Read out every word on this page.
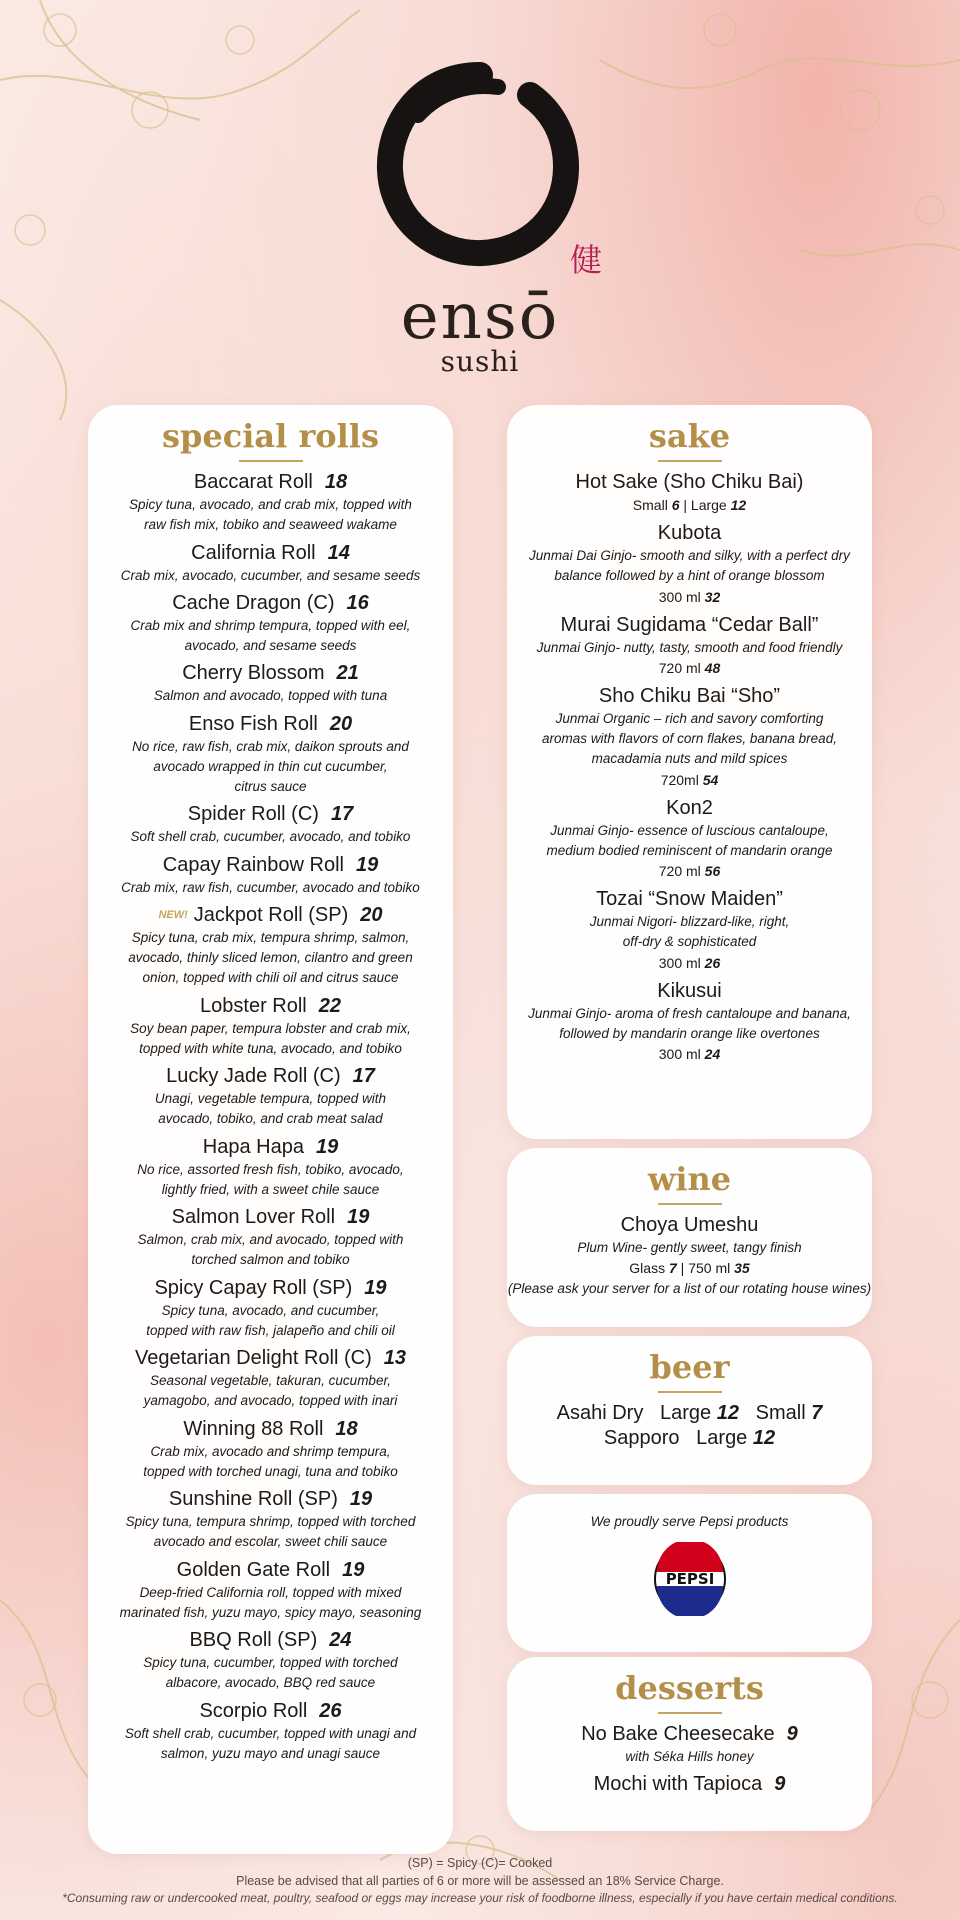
健
ensō
sushi
special rolls
Baccarat Roll 18
Spicy tuna, avocado, and crab mix, topped with
raw fish mix, tobiko and seaweed wakame
California Roll 14
Crab mix, avocado, cucumber, and sesame seeds
Cache Dragon (C) 16
Crab mix and shrimp tempura, topped with eel,
avocado, and sesame seeds
Cherry Blossom 21
Salmon and avocado, topped with tuna
Enso Fish Roll 20
No rice, raw fish, crab mix, daikon sprouts and
avocado wrapped in thin cut cucumber,
citrus sauce
Spider Roll (C) 17
Soft shell crab, cucumber, avocado, and tobiko
Capay Rainbow Roll 19
Crab mix, raw fish, cucumber, avocado and tobiko
NEW! Jackpot Roll (SP) 20
Spicy tuna, crab mix, tempura shrimp, salmon,
avocado, thinly sliced lemon, cilantro and green
onion, topped with chili oil and citrus sauce
Lobster Roll 22
Soy bean paper, tempura lobster and crab mix,
topped with white tuna, avocado, and tobiko
Lucky Jade Roll (C) 17
Unagi, vegetable tempura, topped with
avocado, tobiko, and crab meat salad
Hapa Hapa 19
No rice, assorted fresh fish, tobiko, avocado,
lightly fried, with a sweet chile sauce
Salmon Lover Roll 19
Salmon, crab mix, and avocado, topped with
torched salmon and tobiko
Spicy Capay Roll (SP) 19
Spicy tuna, avocado, and cucumber,
topped with raw fish, jalapeño and chili oil
Vegetarian Delight Roll (C) 13
Seasonal vegetable, takuran, cucumber,
yamagobo, and avocado, topped with inari
Winning 88 Roll 18
Crab mix, avocado and shrimp tempura,
topped with torched unagi, tuna and tobiko
Sunshine Roll (SP) 19
Spicy tuna, tempura shrimp, topped with torched
avocado and escolar, sweet chili sauce
Golden Gate Roll 19
Deep-fried California roll, topped with mixed
marinated fish, yuzu mayo, spicy mayo, seasoning
BBQ Roll (SP) 24
Spicy tuna, cucumber, topped with torched
albacore, avocado, BBQ red sauce
Scorpio Roll 26
Soft shell crab, cucumber, topped with unagi and
salmon, yuzu mayo and unagi sauce
sake
Hot Sake (Sho Chiku Bai)
Small 6 | Large 12
Kubota
Junmai Dai Ginjo- smooth and silky, with a perfect dry
balance followed by a hint of orange blossom
300 ml 32
Murai Sugidama “Cedar Ball”
Junmai Ginjo- nutty, tasty, smooth and food friendly
720 ml 48
Sho Chiku Bai “Sho”
Junmai Organic – rich and savory comforting
aromas with flavors of corn flakes, banana bread,
macadamia nuts and mild spices
720ml 54
Kon2
Junmai Ginjo- essence of luscious cantaloupe,
medium bodied reminiscent of mandarin orange
720 ml 56
Tozai “Snow Maiden”
Junmai Nigori- blizzard-like, right,
off-dry & sophisticated
300 ml 26
Kikusui
Junmai Ginjo- aroma of fresh cantaloupe and banana,
followed by mandarin orange like overtones
300 ml 24
wine
Choya Umeshu
Plum Wine- gently sweet, tangy finish
Glass 7 | 750 ml 35
(Please ask your server for a list of our rotating house wines)
beer
Asahi Dry Large 12 Small 7
Sapporo Large 12
We proudly serve Pepsi products
PEPSI
desserts
No Bake Cheesecake 9
with Séka Hills honey
Mochi with Tapioca 9
(SP) = Spicy (C)= Cooked
Please be advised that all parties of 6 or more will be assessed an 18% Service Charge.
*Consuming raw or undercooked meat, poultry, seafood or eggs may increase your risk of foodborne illness, especially if you have certain medical conditions.
